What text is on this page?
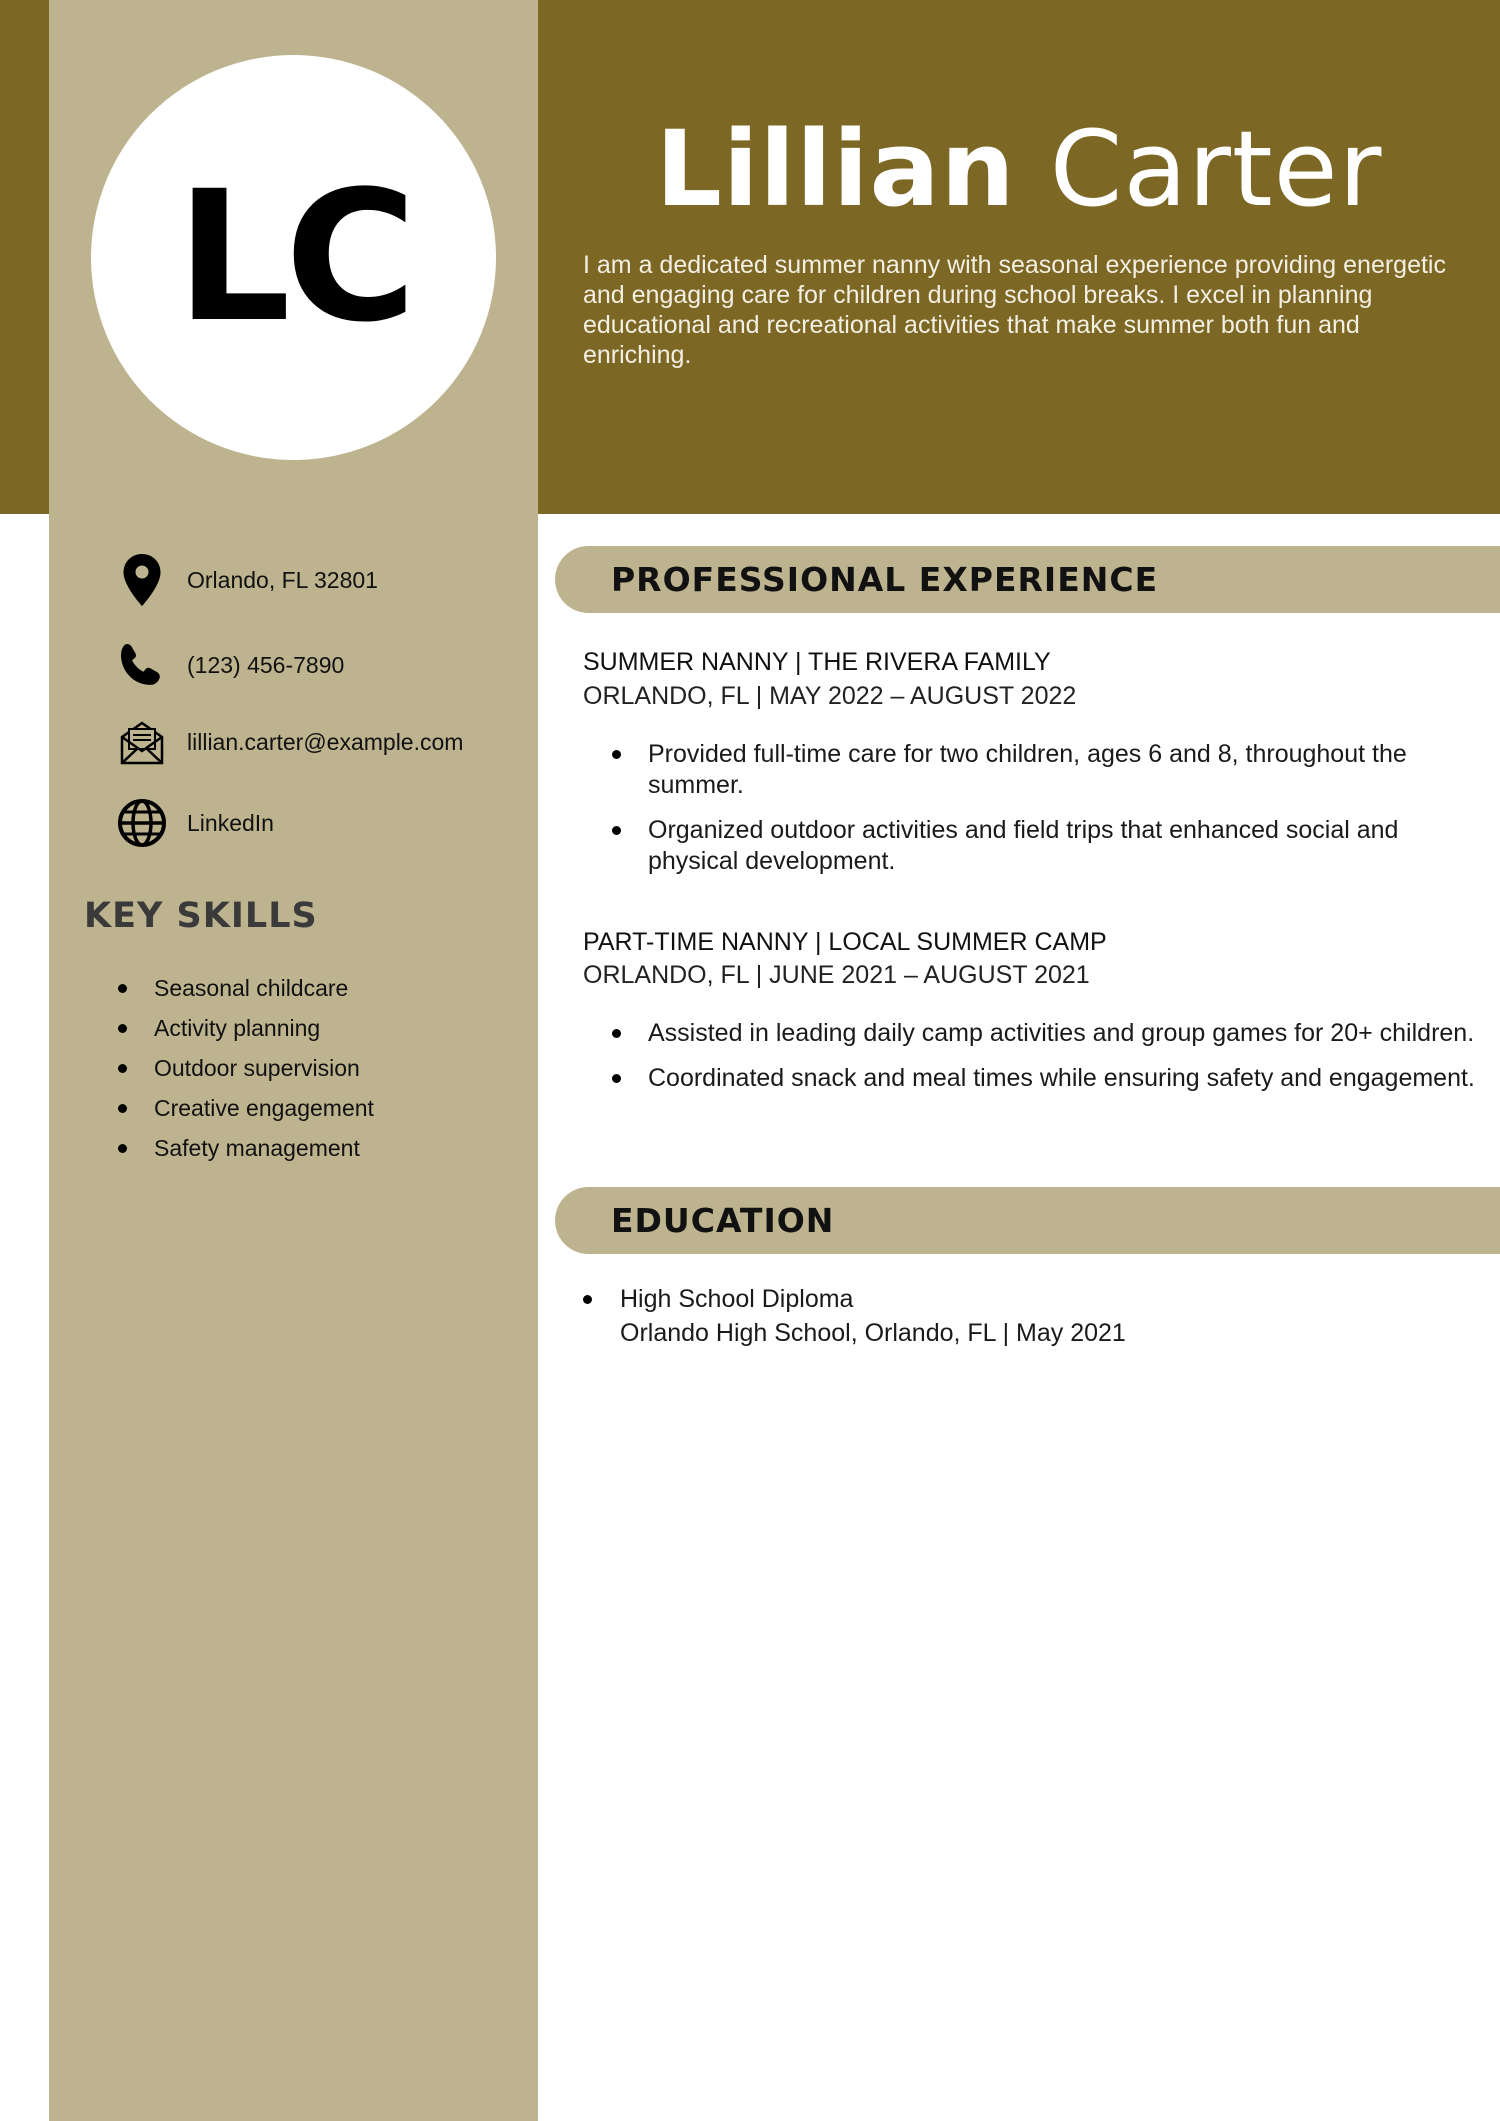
LC	Lillian Carter
I am a dedicated summer nanny with seasonal experience providing energetic and engaging care for children during school breaks. I excel in planning educational and recreational activities that make summer both fun and enriching.
Orlando, FL 32801
(123) 456-7890
lillian.carter@example.com
LinkedIn
KEY SKILLS
Seasonal childcare
Activity planning
Outdoor supervision
Creative engagement
Safety management
PROFESSIONAL EXPERIENCE
SUMMER NANNY | THE RIVERA FAMILY
ORLANDO, FL | MAY 2022 – AUGUST 2022
Provided full-time care for two children, ages 6 and 8, throughout the summer.
Organized outdoor activities and field trips that enhanced social and physical development.
PART-TIME NANNY | LOCAL SUMMER CAMP
ORLANDO, FL | JUNE 2021 – AUGUST 2021
Assisted in leading daily camp activities and group games for 20+ children.
Coordinated snack and meal times while ensuring safety and engagement.
EDUCATION
High School Diploma
Orlando High School, Orlando, FL | May 2021
